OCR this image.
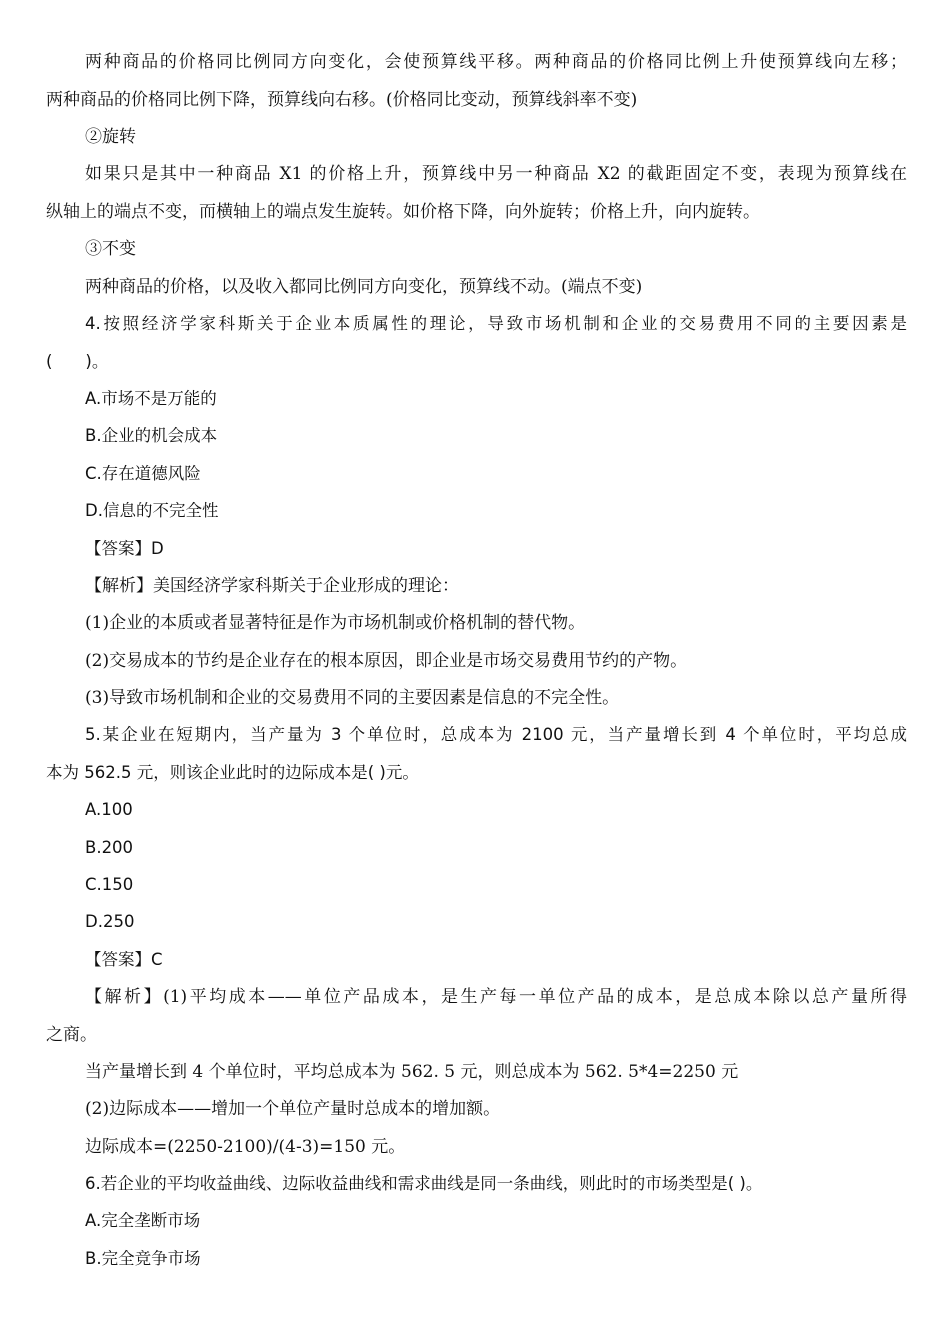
两种商品的价格同比例同方向变化，会使预算线平移。两种商品的价格同比例上升使预算线向左移；
两种商品的价格同比例下降，预算线向右移。(价格同比变动，预算线斜率不变)
②旋转
如果只是其中一种商品 X1 的价格上升，预算线中另一种商品 X2 的截距固定不变，表现为预算线在
纵轴上的端点不变，而横轴上的端点发生旋转。如价格下降，向外旋转；价格上升，向内旋转。
③不变
两种商品的价格，以及收入都同比例同方向变化，预算线不动。(端点不变)
4.按照经济学家科斯关于企业本质属性的理论，导致市场机制和企业的交易费用不同的主要因素是
(　　)。
A.市场不是万能的
B.企业的机会成本
C.存在道德风险
D.信息的不完全性
【答案】D
【解析】美国经济学家科斯关于企业形成的理论：
(1)企业的本质或者显著特征是作为市场机制或价格机制的替代物。
(2)交易成本的节约是企业存在的根本原因，即企业是市场交易费用节约的产物。
(3)导致市场机制和企业的交易费用不同的主要因素是信息的不完全性。
5.某企业在短期内，当产量为 3 个单位时，总成本为 2100 元，当产量增长到 4 个单位时，平均总成
本为 562.5 元，则该企业此时的边际成本是( )元。
A.100
B.200
C.150
D.250
【答案】C
【解析】(1)平均成本——单位产品成本，是生产每一单位产品的成本，是总成本除以总产量所得
之商。
当产量增长到 4 个单位时，平均总成本为 562. 5 元，则总成本为 562. 5*4=2250 元
(2)边际成本——增加一个单位产量时总成本的增加额。
边际成本=(2250-2100)/(4-3)=150 元。
6.若企业的平均收益曲线、边际收益曲线和需求曲线是同一条曲线，则此时的市场类型是( )。
A.完全垄断市场
B.完全竞争市场
